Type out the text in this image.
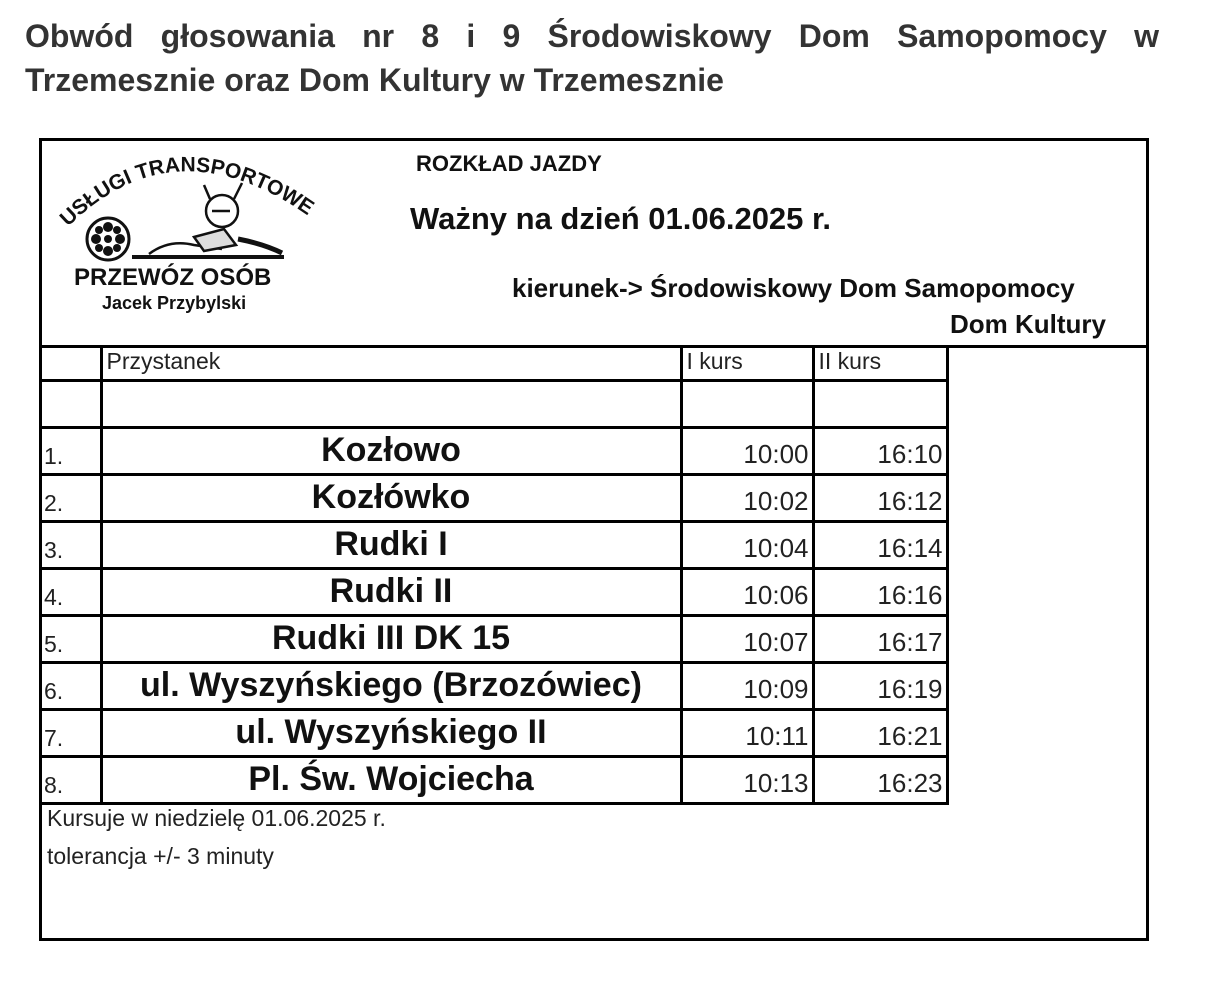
Obwód głosowania nr 8 i 9 Środowiskowy Dom Samopomocy w Trzemesznie oraz Dom Kultury w Trzemesznie

USŁUGI TRANSPORTOWE
PRZEWÓZ OSÓB
Jacek Przybylski
ROZKŁAD JAZDY
Ważny na dzień 01.06.2025 r.
kierunek-> Środowiskowy Dom Samopomocy
Dom Kultury
	Przystanek	I kurs	II kurs

1.	Kozłowo	10:00	16:10
2.	Kozłówko	10:02	16:12
3.	Rudki I	10:04	16:14
4.	Rudki II	10:06	16:16
5.	Rudki III DK 15	10:07	16:17
6.	ul. Wyszyńskiego (Brzozówiec)	10:09	16:19
7.	ul. Wyszyńskiego II	10:11	16:21
8.	Pl. Św. Wojciecha	10:13	16:23
Kursuje w niedzielę 01.06.2025 r.
tolerancja +/- 3 minuty
